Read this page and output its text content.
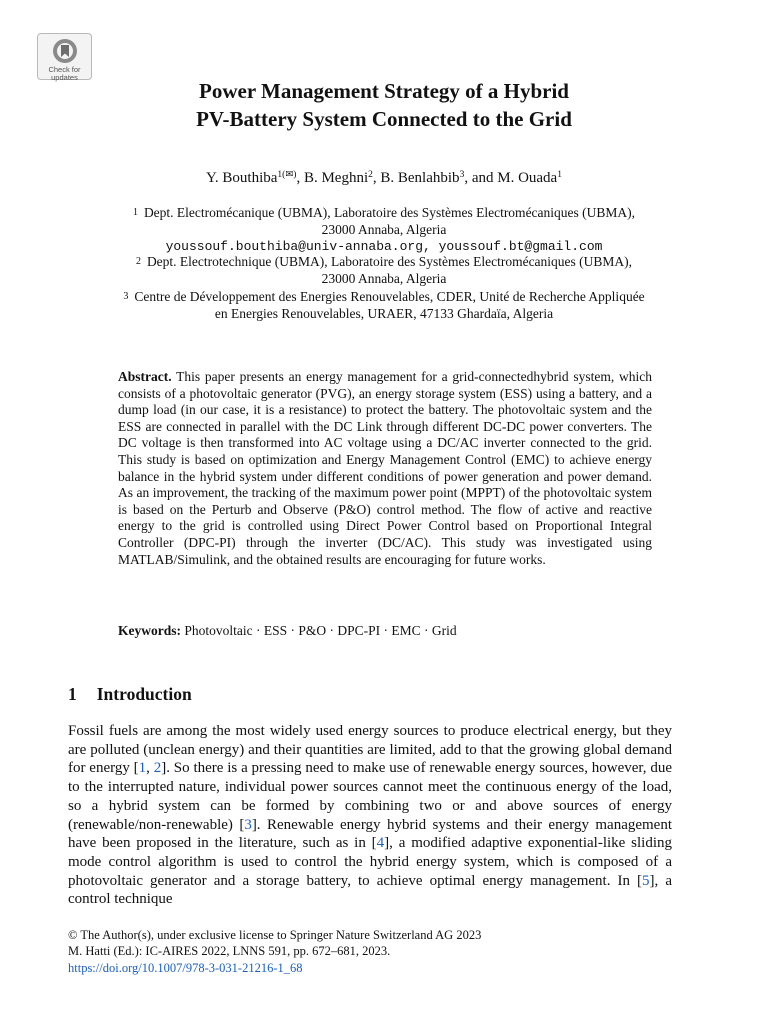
Check for
updates
Power Management Strategy of a Hybrid
PV-Battery System Connected to the Grid
Y. Bouthiba$^{1(✉)}$, B. Meghni$^2$, B. Benlahbib$^3$, and M. Ouada$^1$
$^1$ Dept. Electromécanique (UBMA), Laboratoire des Systèmes Electromécaniques (UBMA),
23000 Annaba, Algeria
youssouf.bouthiba@univ-annaba.org, youssouf.bt@gmail.com
$^2$ Dept. Electrotechnique (UBMA), Laboratoire des Systèmes Electromécaniques (UBMA),
23000 Annaba, Algeria
$^3$ Centre de Développement des Energies Renouvelables, CDER, Unité de Recherche Appliquée
en Energies Renouvelables, URAER, 47133 Ghardaïa, Algeria
Abstract. This paper presents an energy management for a grid-connectedhybrid system, which consists of a photovoltaic generator (PVG), an energy storage system (ESS) using a battery, and a dump load (in our case, it is a resistance) to protect the battery. The photovoltaic system and the ESS are connected in parallel with the DC Link through different DC-DC power converters. The DC voltage is then transformed into AC voltage using a DC/AC inverter connected to the grid. This study is based on optimization and Energy Management Control (EMC) to achieve energy balance in the hybrid system under different conditions of power generation and power demand. As an improvement, the tracking of the maximum power point (MPPT) of the photovoltaic system is based on the Perturb and Observe (P&O) control method. The flow of active and reactive energy to the grid is controlled using Direct Power Control based on Proportional Integral Controller (DPC-PI) through the inverter (DC/AC). This study was investigated using MATLAB/Simulink, and the obtained results are encouraging for future works.
Keywords: Photovoltaic · ESS · P&O · DPC-PI · EMC · Grid
1 Introduction
Fossil fuels are among the most widely used energy sources to produce electrical energy, but they are polluted (unclean energy) and their quantities are limited, add to that the growing global demand for energy [1, 2]. So there is a pressing need to make use of renewable energy sources, however, due to the interrupted nature, individual power sources cannot meet the continuous energy of the load, so a hybrid system can be formed by combining two or and above sources of energy (renewable/non-renewable) [3]. Renewable energy hybrid systems and their energy management have been proposed in the literature, such as in [4], a modified adaptive exponential-like sliding mode control algorithm is used to control the hybrid energy system, which is composed of a photovoltaic generator and a storage battery, to achieve optimal energy management. In [5], a control technique
© The Author(s), under exclusive license to Springer Nature Switzerland AG 2023
M. Hatti (Ed.): IC-AIRES 2022, LNNS 591, pp. 672–681, 2023.
https://doi.org/10.1007/978-3-031-21216-1_68
